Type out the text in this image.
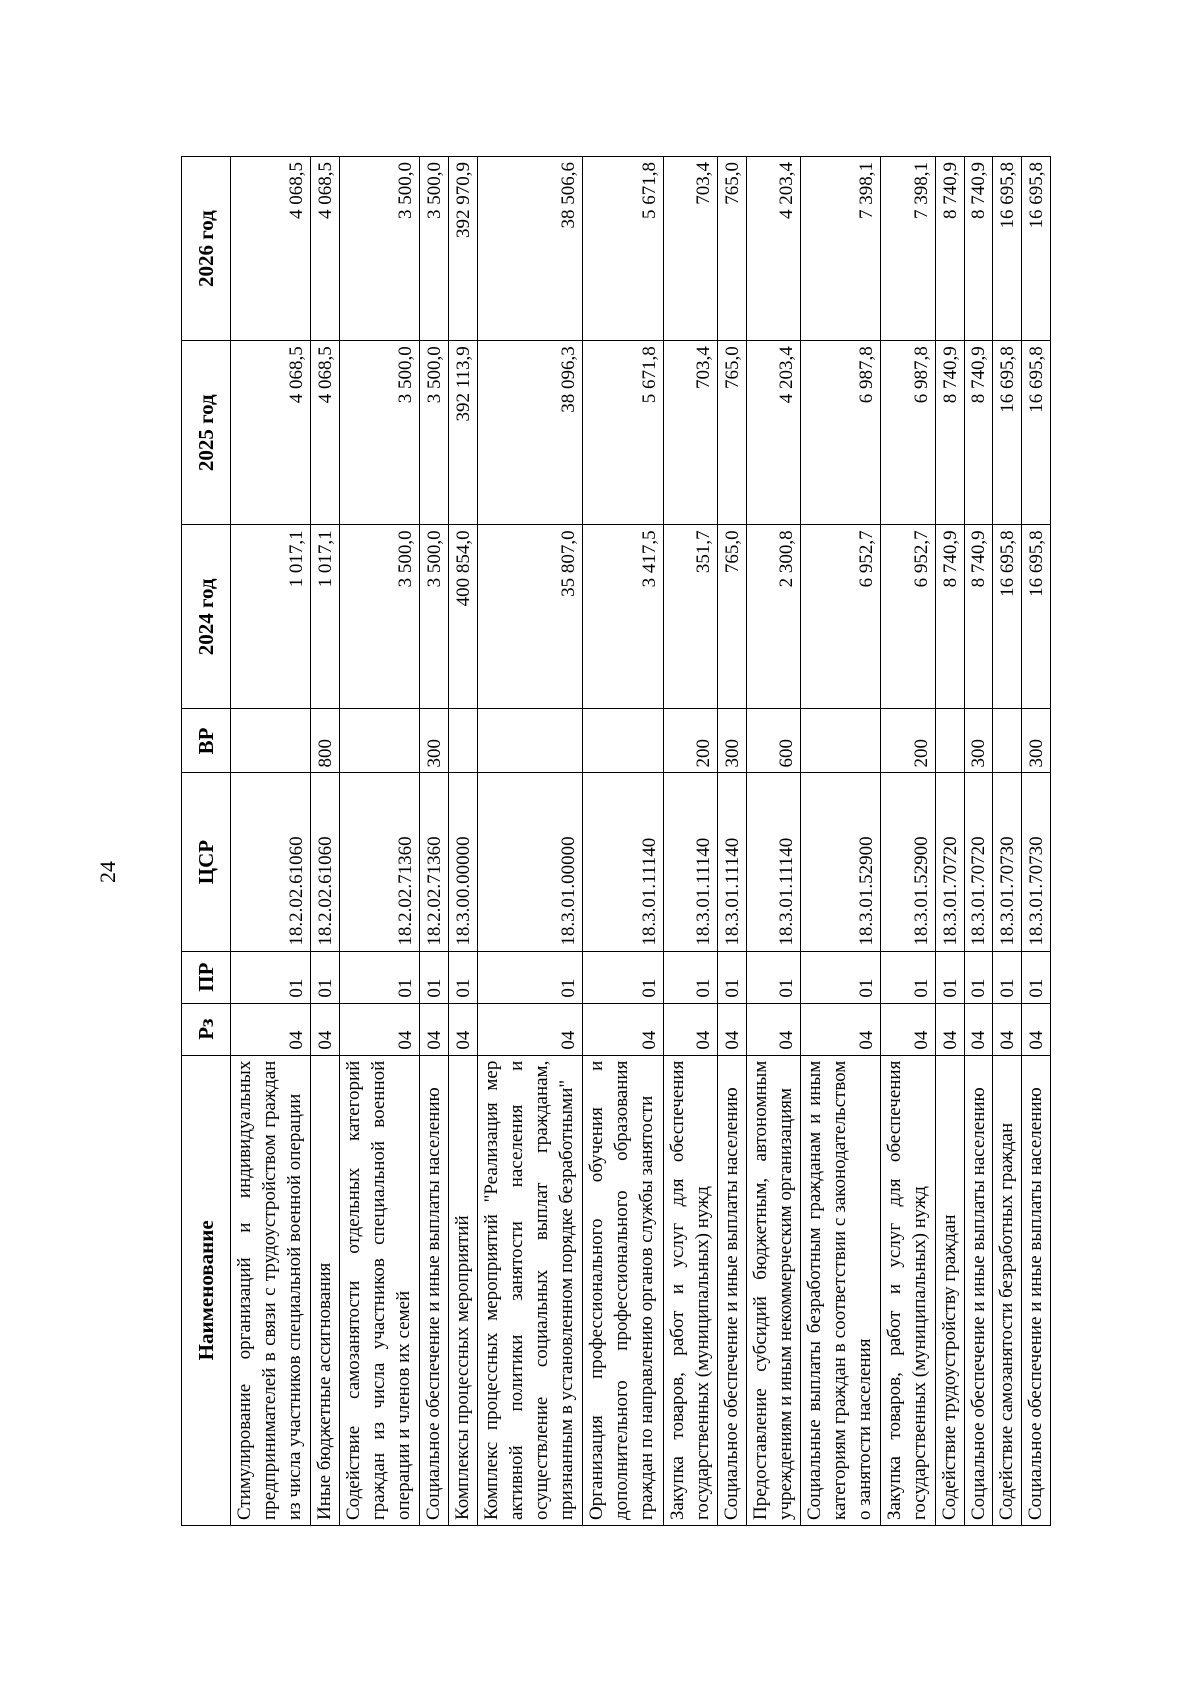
24
Наименование	Рз	ПР	ЦСР	ВР	2024 год	2025 год	2026 год
Стимулирование организаций и индивидуальных предпринимателей в связи с трудоустройством граждан из числа участников специальной военной операции	04	01	18.2.02.61060		1 017,1	4 068,5	4 068,5
Иные бюджетные ассигнования	04	01	18.2.02.61060	800	1 017,1	4 068,5	4 068,5
Содействие самозанятости отдельных категорий граждан из числа участников специальной военной операции и членов их семей	04	01	18.2.02.71360		3 500,0	3 500,0	3 500,0
Социальное обеспечение и иные выплаты населению	04	01	18.2.02.71360	300	3 500,0	3 500,0	3 500,0
Комплексы процессных мероприятий	04	01	18.3.00.00000		400 854,0	392 113,9	392 970,9
Комплекс процессных мероприятий "Реализация мер активной политики занятости населения и осуществление социальных выплат гражданам, признанным в установленном порядке безработными"	04	01	18.3.01.00000		35 807,0	38 096,3	38 506,6
Организация профессионального обучения и дополнительного профессионального образования граждан по направлению органов службы занятости	04	01	18.3.01.11140		3 417,5	5 671,8	5 671,8
Закупка товаров, работ и услуг для обеспечения государственных (муниципальных) нужд	04	01	18.3.01.11140	200	351,7	703,4	703,4
Социальное обеспечение и иные выплаты населению	04	01	18.3.01.11140	300	765,0	765,0	765,0
Предоставление субсидий бюджетным, автономным учреждениям и иным некоммерческим организациям	04	01	18.3.01.11140	600	2 300,8	4 203,4	4 203,4
Социальные выплаты безработным гражданам и иным категориям граждан в соответствии с законодательством о занятости населения	04	01	18.3.01.52900		6 952,7	6 987,8	7 398,1
Закупка товаров, работ и услуг для обеспечения государственных (муниципальных) нужд	04	01	18.3.01.52900	200	6 952,7	6 987,8	7 398,1
Содействие трудоустройству граждан	04	01	18.3.01.70720		8 740,9	8 740,9	8 740,9
Социальное обеспечение и иные выплаты населению	04	01	18.3.01.70720	300	8 740,9	8 740,9	8 740,9
Содействие самозанятости безработных граждан	04	01	18.3.01.70730		16 695,8	16 695,8	16 695,8
Социальное обеспечение и иные выплаты населению	04	01	18.3.01.70730	300	16 695,8	16 695,8	16 695,8
